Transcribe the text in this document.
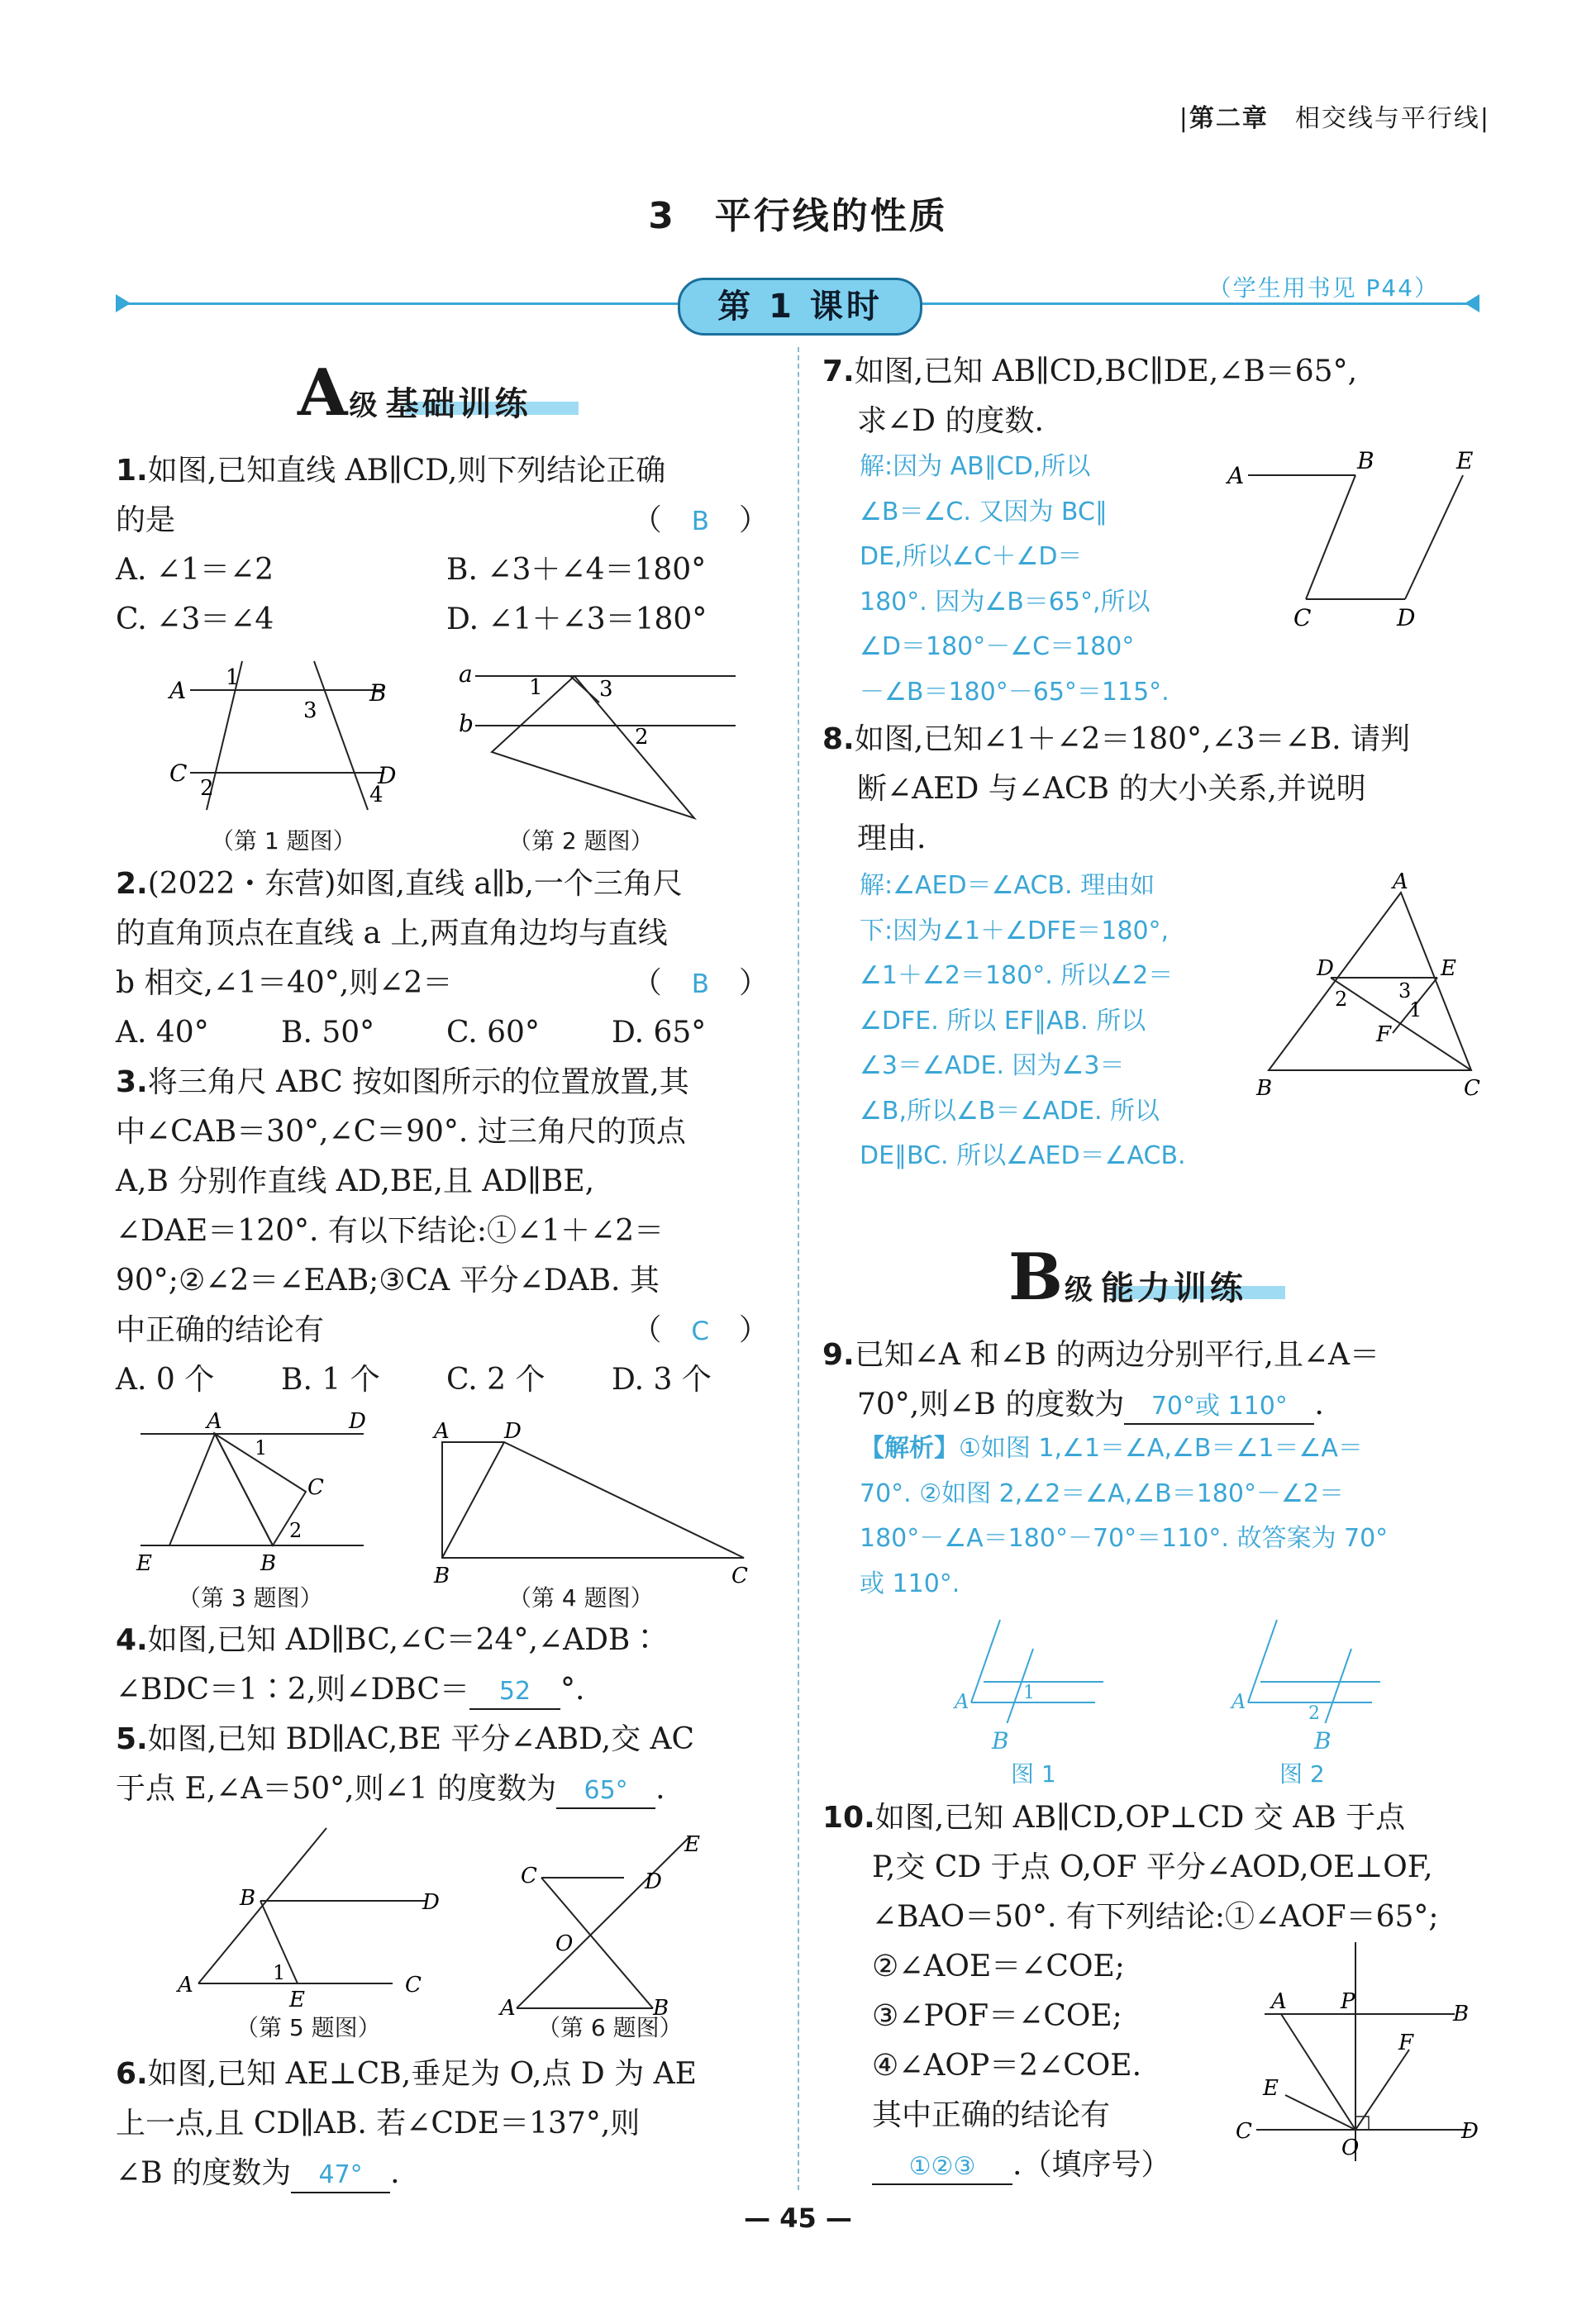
|第二章　 相交线与平行线|
3　平行线的性质
第 1 课时	（学生用书见 P44）
A级 基础训练
1.如图,已知直线 AB∥CD,则下列结论正确
的是	（　B　）
A. ∠1＝∠2	B. ∠3＋∠4＝180°
C. ∠3＝∠4	D. ∠1＋∠3＝180°
A	B
C	D
1
3
2	4
（第 1 题图）
a
b
1	3
2
（第 2 题图）
2.(2022・东营)如图,直线 a∥b,一个三角尺
的直角顶点在直线 a 上,两直角边均与直线
b 相交,∠1＝40°,则∠2＝	（　B　）
A. 40°	B. 50°	C. 60°	D. 65°
3.将三角尺 ABC 按如图所示的位置放置,其
中∠CAB＝30°,∠C＝90°. 过三角尺的顶点
A,B 分别作直线 AD,BE,且 AD∥BE,
∠DAE＝120°. 有以下结论:①∠1＋∠2＝
90°;②∠2＝∠EAB;③CA 平分∠DAB. 其
中正确的结论有	（　C　）
A. 0 个	B. 1 个	C. 2 个	D. 3 个
A	D
E	B
C
1
2
（第 3 题图）
A	D
B	C
（第 4 题图）
4.如图,已知 AD∥BC,∠C＝24°,∠ADB∶
∠BDC＝1∶2,则∠DBC＝ 52 °.
5.如图,已知 BD∥AC,BE 平分∠ABD,交 AC
于点 E,∠A＝50°,则∠1 的度数为 65° .
B	D
A	C
E
1
（第 5 题图）
C	D
E
O
A	B
（第 6 题图）
6.如图,已知 AE⊥CB,垂足为 O,点 D 为 AE
上一点,且 CD∥AB. 若∠CDE＝137°,则
∠B 的度数为 47° .
7.如图,已知 AB∥CD,BC∥DE,∠B＝65°,
求∠D 的度数.
解:因为 AB∥CD,所以
∠B＝∠C. 又因为 BC∥
DE,所以∠C＋∠D＝
180°. 因为∠B＝65°,所以
∠D＝180°－∠C＝180°
－∠B＝180°－65°＝115°.
A
B	E
C	D
8.如图,已知∠1＋∠2＝180°,∠3＝∠B. 请判
断∠AED 与∠ACB 的大小关系,并说明
理由.
解:∠AED＝∠ACB. 理由如
下:因为∠1＋∠DFE＝180°,
∠1＋∠2＝180°. 所以∠2＝
∠DFE. 所以 EF∥AB. 所以
∠3＝∠ADE. 因为∠3＝
∠B,所以∠B＝∠ADE. 所以
DE∥BC. 所以∠AED＝∠ACB.
A
D	E
F
B	C
2	3
1
B级 能力训练
9.已知∠A 和∠B 的两边分别平行,且∠A＝
70°,则∠B 的度数为 70°或 110° .
【解析】①如图 1,∠1＝∠A,∠B＝∠1＝∠A＝
70°. ②如图 2,∠2＝∠A,∠B＝180°－∠2＝
180°－∠A＝180°－70°＝110°. 故答案为 70°
或 110°.
A	1
B
图 1
A
2
B
图 2
10.如图,已知 AB∥CD,OP⊥CD 交 AB 于点
P,交 CD 于点 O,OF 平分∠AOD,OE⊥OF,
∠BAO＝50°. 有下列结论:①∠AOF＝65°;
②∠AOE＝∠COE;
③∠POF＝∠COE;
④∠AOP＝2∠COE.
其中正确的结论有
①②③ .（填序号）
A	P	B
F
E
C	D
O
— 45 —
